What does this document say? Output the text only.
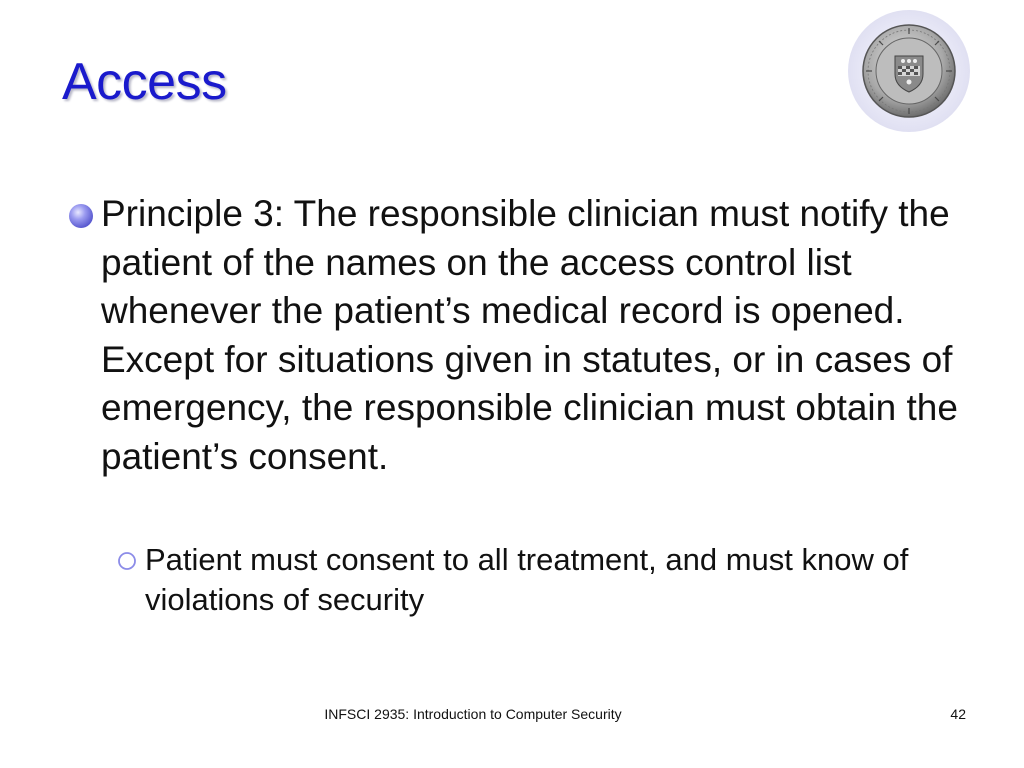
Access
Principle 3: The responsible clinician must notify the patient of the names on the access control list whenever the patient’s medical record is opened. Except for situations given in statutes, or in cases of emergency, the responsible clinician must obtain the patient’s consent.
Patient must consent to all treatment, and must know of violations of security
INFSCI 2935: Introduction to Computer Security	42
